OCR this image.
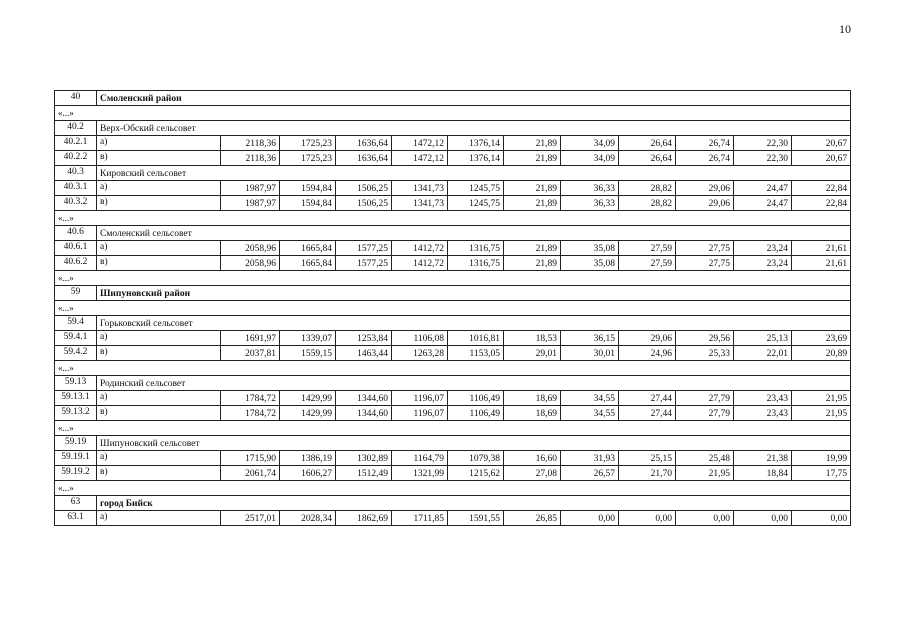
10
40	Смоленский район											
«...»												
40.2	Верх-Обский сельсовет											
40.2.1	а)	2118,36	1725,23	1636,64	1472,12	1376,14	21,89	34,09	26,64	26,74	22,30	20,67
40.2.2	в)	2118,36	1725,23	1636,64	1472,12	1376,14	21,89	34,09	26,64	26,74	22,30	20,67
40.3	Кировский сельсовет											
40.3.1	а)	1987,97	1594,84	1506,25	1341,73	1245,75	21,89	36,33	28,82	29,06	24,47	22,84
40.3.2	в)	1987,97	1594,84	1506,25	1341,73	1245,75	21,89	36,33	28,82	29,06	24,47	22,84
«...»												
40.6	Смоленский сельсовет											
40.6.1	а)	2058,96	1665,84	1577,25	1412,72	1316,75	21,89	35,08	27,59	27,75	23,24	21,61
40.6.2	в)	2058,96	1665,84	1577,25	1412,72	1316,75	21,89	35,08	27,59	27,75	23,24	21,61
«...»												
59	Шипуновский район											
«...»												
59.4	Горьковский сельсовет											
59.4.1	а)	1691,97	1339,07	1253,84	1106,08	1016,81	18,53	36,15	29,06	29,56	25,13	23,69
59.4.2	в)	2037,81	1559,15	1463,44	1263,28	1153,05	29,01	30,01	24,96	25,33	22,01	20,89
«...»												
59.13	Родинский сельсовет											
59.13.1	а)	1784,72	1429,99	1344,60	1196,07	1106,49	18,69	34,55	27,44	27,79	23,43	21,95
59.13.2	в)	1784,72	1429,99	1344,60	1196,07	1106,49	18,69	34,55	27,44	27,79	23,43	21,95
«...»												
59.19	Шипуновский сельсовет											
59.19.1	а)	1715,90	1386,19	1302,89	1164,79	1079,38	16,60	31,93	25,15	25,48	21,38	19,99
59.19.2	в)	2061,74	1606,27	1512,49	1321,99	1215,62	27,08	26,57	21,70	21,95	18,84	17,75
«...»												
63	город Бийск											
63.1	а)	2517,01	2028,34	1862,69	1711,85	1591,55	26,85	0,00	0,00	0,00	0,00	0,00
